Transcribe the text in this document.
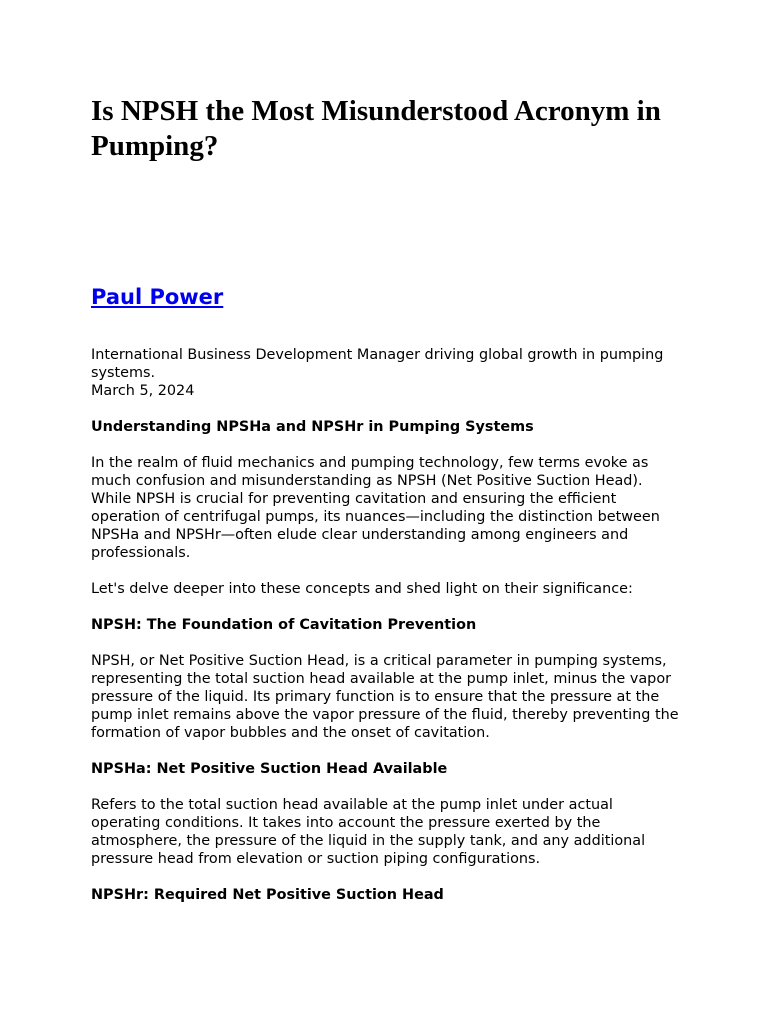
Is NPSH the Most Misunderstood Acronym in Pumping?
Paul Power

International Business Development Manager driving global growth in pumping systems.

March 5, 2024

Understanding NPSHa and NPSHr in Pumping Systems

In the realm of fluid mechanics and pumping technology, few terms evoke as much confusion and misunderstanding as NPSH (Net Positive Suction Head). While NPSH is crucial for preventing cavitation and ensuring the efficient operation of centrifugal pumps, its nuances—including the distinction between NPSHa and NPSHr—often elude clear understanding among engineers and professionals.

Let's delve deeper into these concepts and shed light on their significance:

NPSH: The Foundation of Cavitation Prevention

NPSH, or Net Positive Suction Head, is a critical parameter in pumping systems, representing the total suction head available at the pump inlet, minus the vapor pressure of the liquid. Its primary function is to ensure that the pressure at the pump inlet remains above the vapor pressure of the fluid, thereby preventing the formation of vapor bubbles and the onset of cavitation.

NPSHa: Net Positive Suction Head Available

Refers to the total suction head available at the pump inlet under actual operating conditions. It takes into account the pressure exerted by the atmosphere, the pressure of the liquid in the supply tank, and any additional pressure head from elevation or suction piping configurations.

NPSHr: Required Net Positive Suction Head
